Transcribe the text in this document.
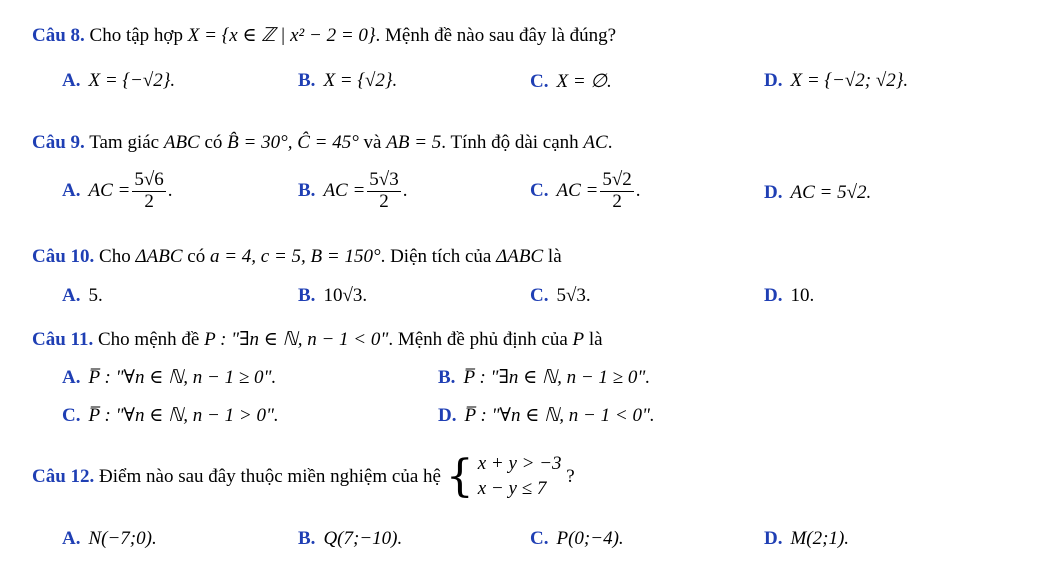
Câu 8. Cho tập hợp X = {x ∈ ℤ | x² − 2 = 0}. Mệnh đề nào sau đây là đúng?
A. X = {−√2}.	B. X = {√2}.	C. X = ∅.	D. X = {−√2; √2}.
Câu 9. Tam giác ABC có B̂ = 30°, Ĉ = 45° và AB = 5. Tính độ dài cạnh AC.
A. AC = $\frac{5√6}{2}$ .	B. AC = $\frac{5√3}{2}$ .	C. AC = $\frac{5√2}{2}$ .	D. AC = 5√2.
Câu 10. Cho ΔABC có a = 4, c = 5, B = 150°. Diện tích của ΔABC là
A. 5.	B. 10√3.	C. 5√3.	D. 10.
Câu 11. Cho mệnh đề P : "∃n ∈ ℕ, n − 1 < 0". Mệnh đề phủ định của P là
A. P̅ : "∀n ∈ ℕ, n − 1 ≥ 0".	B. P̅ : "∃n ∈ ℕ, n − 1 ≥ 0".
C. P̅ : "∀n ∈ ℕ, n − 1 > 0".	D. P̅ : "∀n ∈ ℕ, n − 1 < 0".
Câu 12. Điểm nào sau đây thuộc miền nghiệm của hệ { x + y > −3
x − y ≤ 7
?
A. N(−7;0).	B. Q(7;−10).	C. P(0;−4).	D. M(2;1).
